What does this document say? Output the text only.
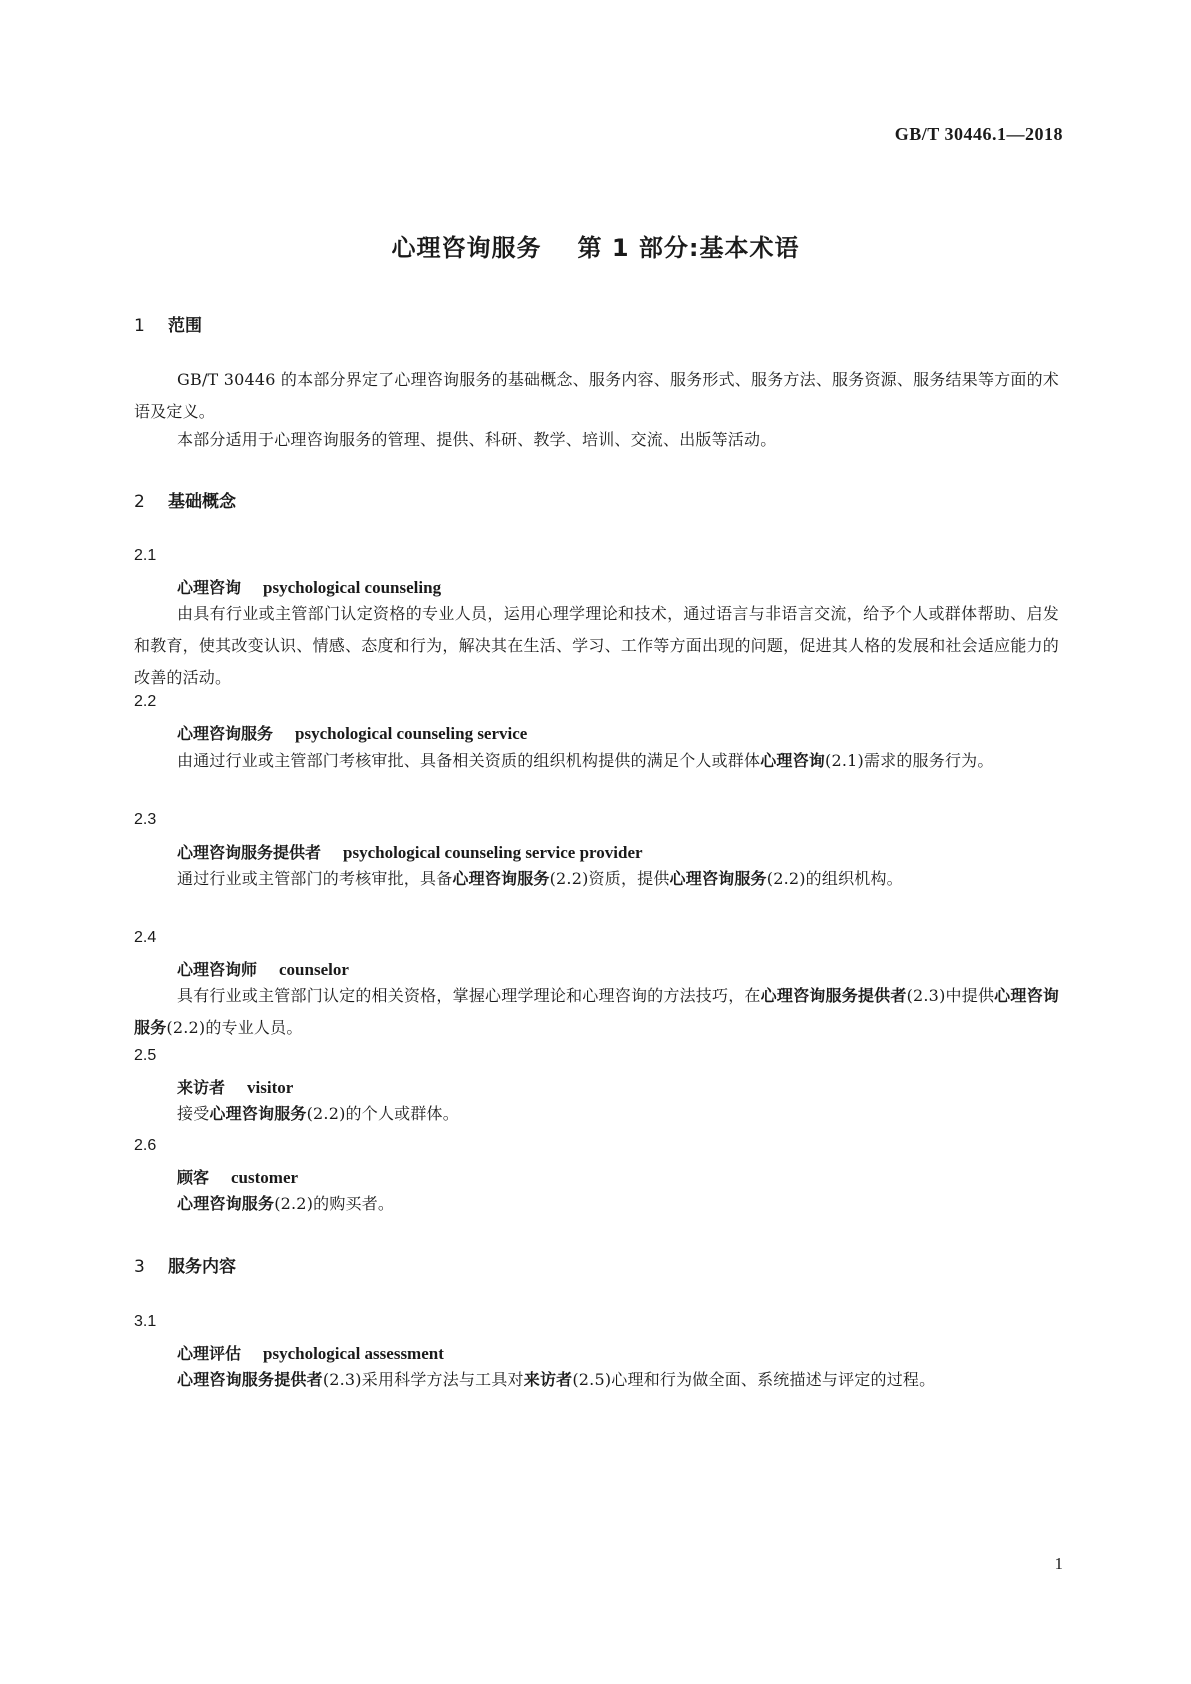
GB/T 30446.1—2018
心理咨询服务 第 1 部分:基本术语
1 范围
GB/T 30446 的本部分界定了心理咨询服务的基础概念、服务内容、服务形式、服务方法、服务资源、服务结果等方面的术语及定义。
本部分适用于心理咨询服务的管理、提供、科研、教学、培训、交流、出版等活动。
2 基础概念
2.1
心理咨询 psychological counseling
由具有行业或主管部门认定资格的专业人员，运用心理学理论和技术，通过语言与非语言交流，给予个人或群体帮助、启发和教育，使其改变认识、情感、态度和行为，解决其在生活、学习、工作等方面出现的问题，促进其人格的发展和社会适应能力的改善的活动。
2.2
心理咨询服务 psychological counseling service
由通过行业或主管部门考核审批、具备相关资质的组织机构提供的满足个人或群体心理咨询(2.1)需求的服务行为。
2.3
心理咨询服务提供者 psychological counseling service provider
通过行业或主管部门的考核审批，具备心理咨询服务(2.2)资质，提供心理咨询服务(2.2)的组织机构。
2.4
心理咨询师 counselor
具有行业或主管部门认定的相关资格，掌握心理学理论和心理咨询的方法技巧，在心理咨询服务提供者(2.3)中提供心理咨询服务(2.2)的专业人员。
2.5
来访者 visitor
接受心理咨询服务(2.2)的个人或群体。
2.6
顾客 customer
心理咨询服务(2.2)的购买者。
3 服务内容
3.1
心理评估 psychological assessment
心理咨询服务提供者(2.3)采用科学方法与工具对来访者(2.5)心理和行为做全面、系统描述与评定的过程。
1
